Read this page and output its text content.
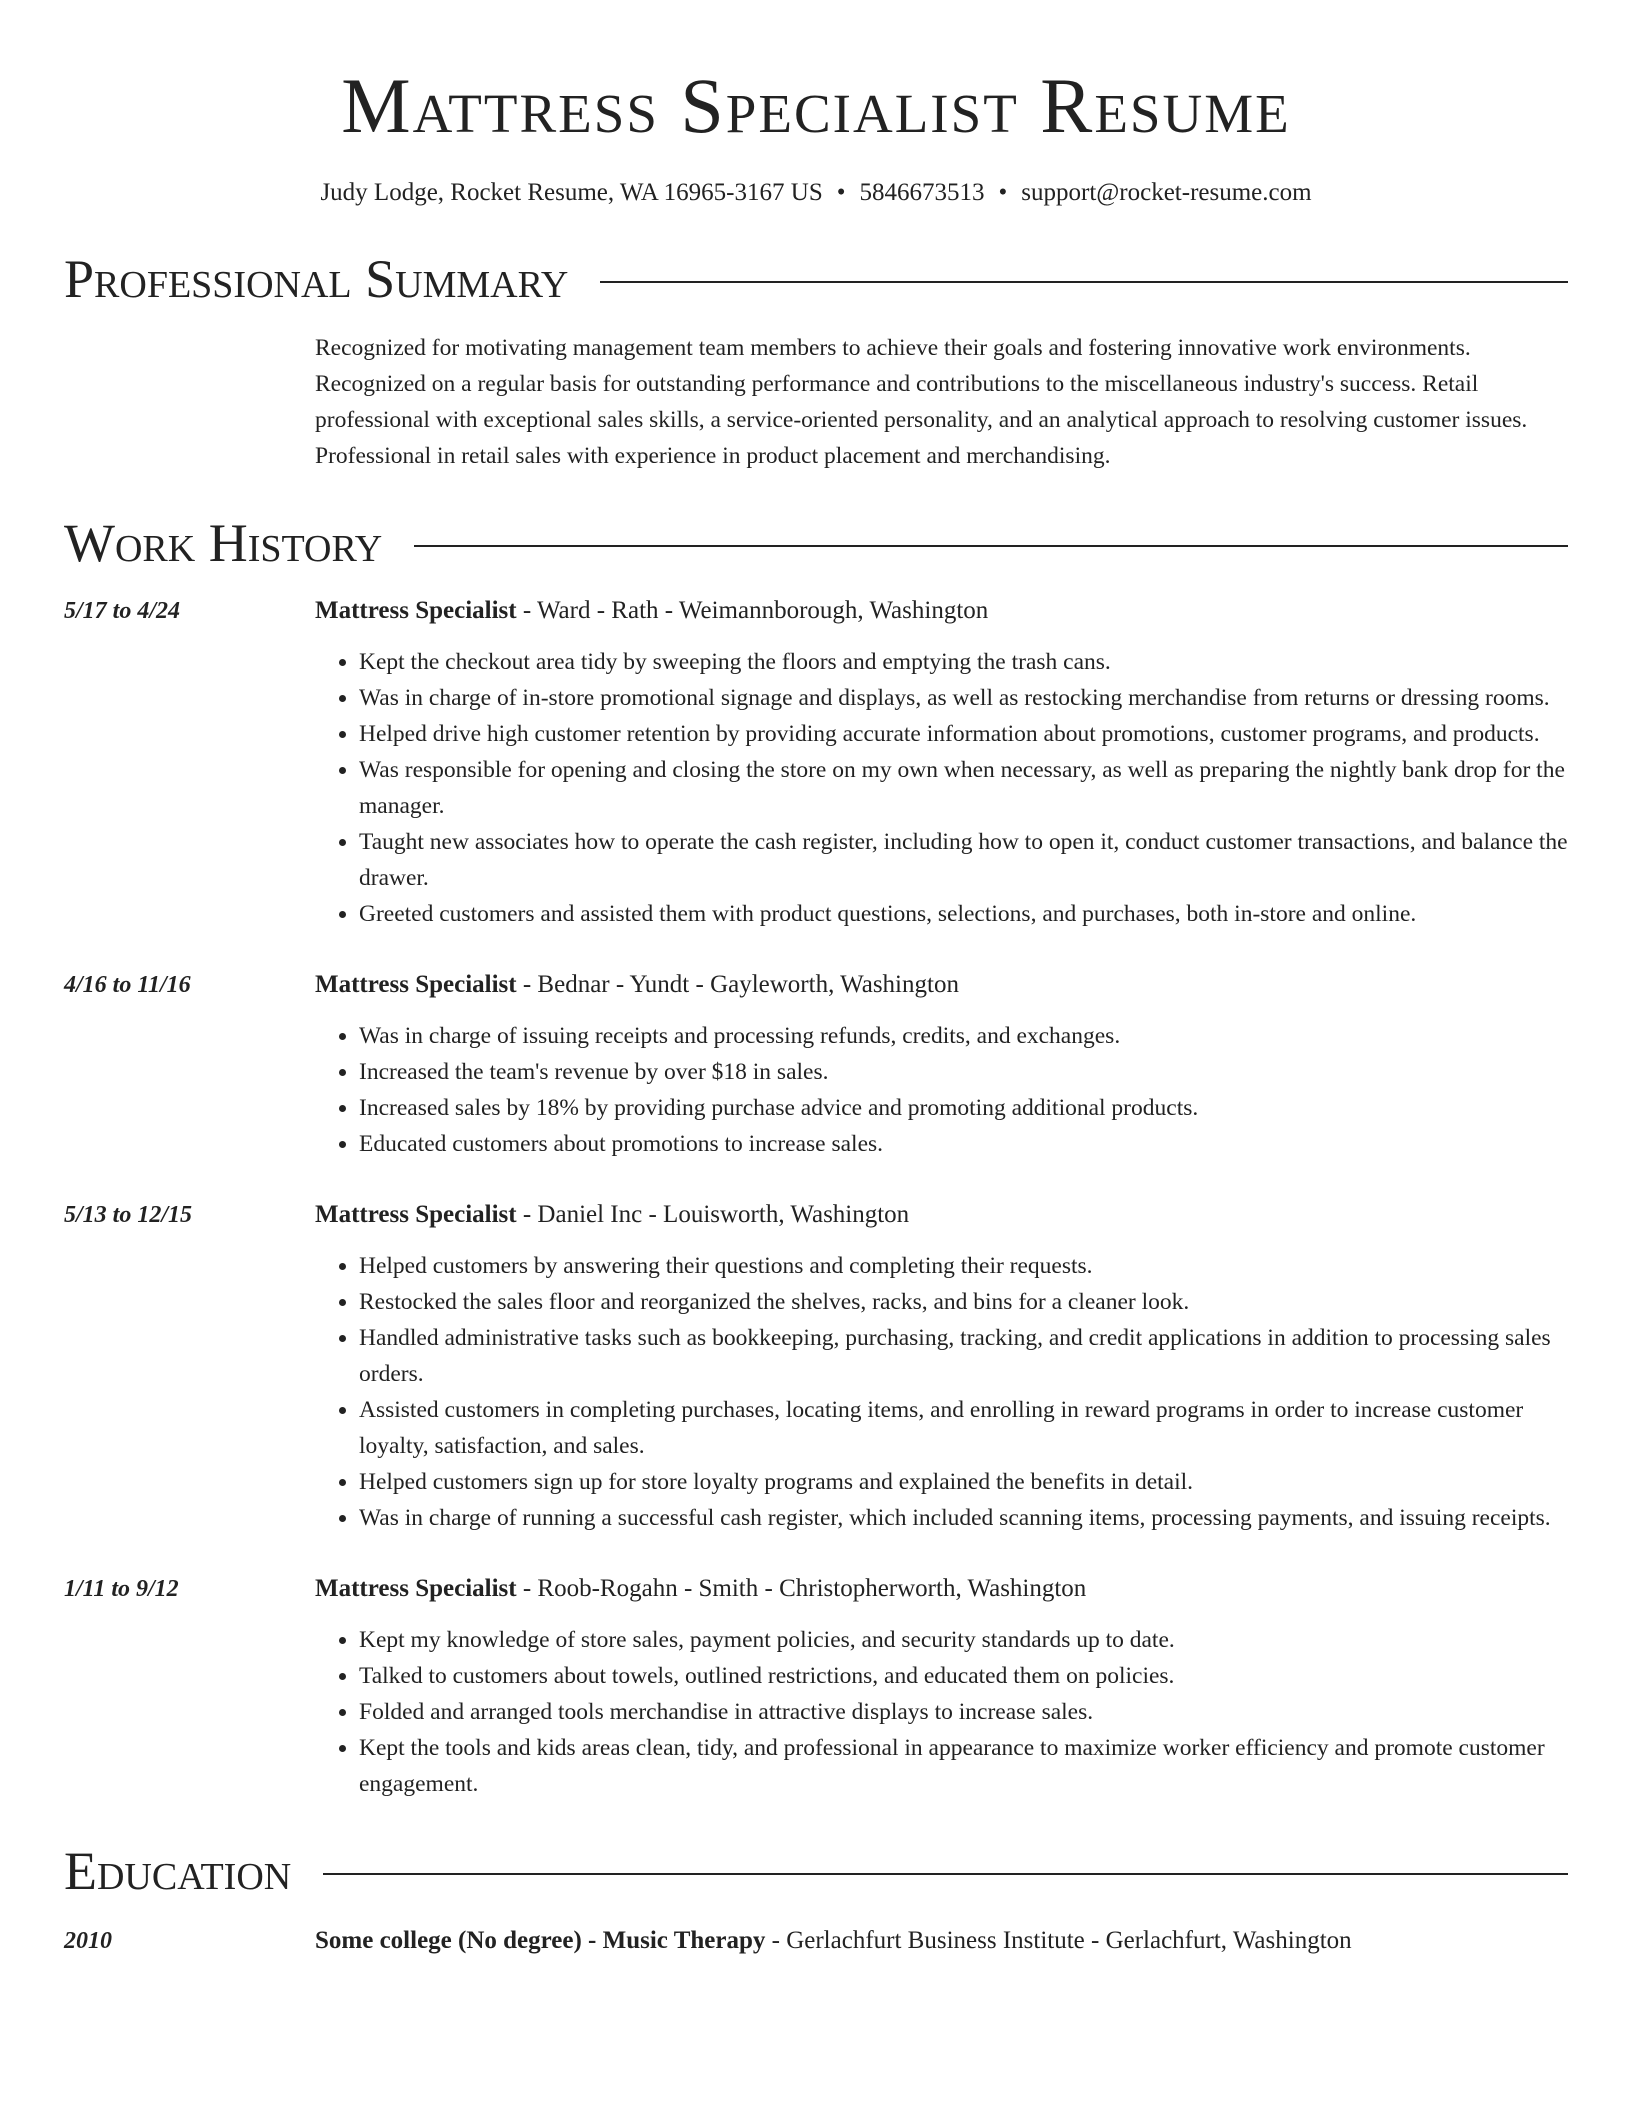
Mattress Specialist Resume
Judy Lodge, Rocket Resume, WA 16965-3167 US • 5846673513 • support@rocket-resume.com
Professional Summary
Recognized for motivating management team members to achieve their goals and fostering innovative work environments. Recognized on a regular basis for outstanding performance and contributions to the miscellaneous industry's success. Retail professional with exceptional sales skills, a service-oriented personality, and an analytical approach to resolving customer issues. Professional in retail sales with experience in product placement and merchandising.
Work History
5/17 to 4/24	Mattress Specialist - Ward - Rath - Weimannborough, Washington
• Kept the checkout area tidy by sweeping the floors and emptying the trash cans.
• Was in charge of in-store promotional signage and displays, as well as restocking merchandise from returns or dressing rooms.
• Helped drive high customer retention by providing accurate information about promotions, customer programs, and products.
• Was responsible for opening and closing the store on my own when necessary, as well as preparing the nightly bank drop for the manager.
• Taught new associates how to operate the cash register, including how to open it, conduct customer transactions, and balance the drawer.
• Greeted customers and assisted them with product questions, selections, and purchases, both in-store and online.
4/16 to 11/16	Mattress Specialist - Bednar - Yundt - Gayleworth, Washington
• Was in charge of issuing receipts and processing refunds, credits, and exchanges.
• Increased the team's revenue by over $18 in sales.
• Increased sales by 18% by providing purchase advice and promoting additional products.
• Educated customers about promotions to increase sales.
5/13 to 12/15	Mattress Specialist - Daniel Inc - Louisworth, Washington
• Helped customers by answering their questions and completing their requests.
• Restocked the sales floor and reorganized the shelves, racks, and bins for a cleaner look.
• Handled administrative tasks such as bookkeeping, purchasing, tracking, and credit applications in addition to processing sales orders.
• Assisted customers in completing purchases, locating items, and enrolling in reward programs in order to increase customer loyalty, satisfaction, and sales.
• Helped customers sign up for store loyalty programs and explained the benefits in detail.
• Was in charge of running a successful cash register, which included scanning items, processing payments, and issuing receipts.
1/11 to 9/12	Mattress Specialist - Roob-Rogahn - Smith - Christopherworth, Washington
• Kept my knowledge of store sales, payment policies, and security standards up to date.
• Talked to customers about towels, outlined restrictions, and educated them on policies.
• Folded and arranged tools merchandise in attractive displays to increase sales.
• Kept the tools and kids areas clean, tidy, and professional in appearance to maximize worker efficiency and promote customer engagement.
Education
2010	Some college (No degree) - Music Therapy - Gerlachfurt Business Institute - Gerlachfurt, Washington
